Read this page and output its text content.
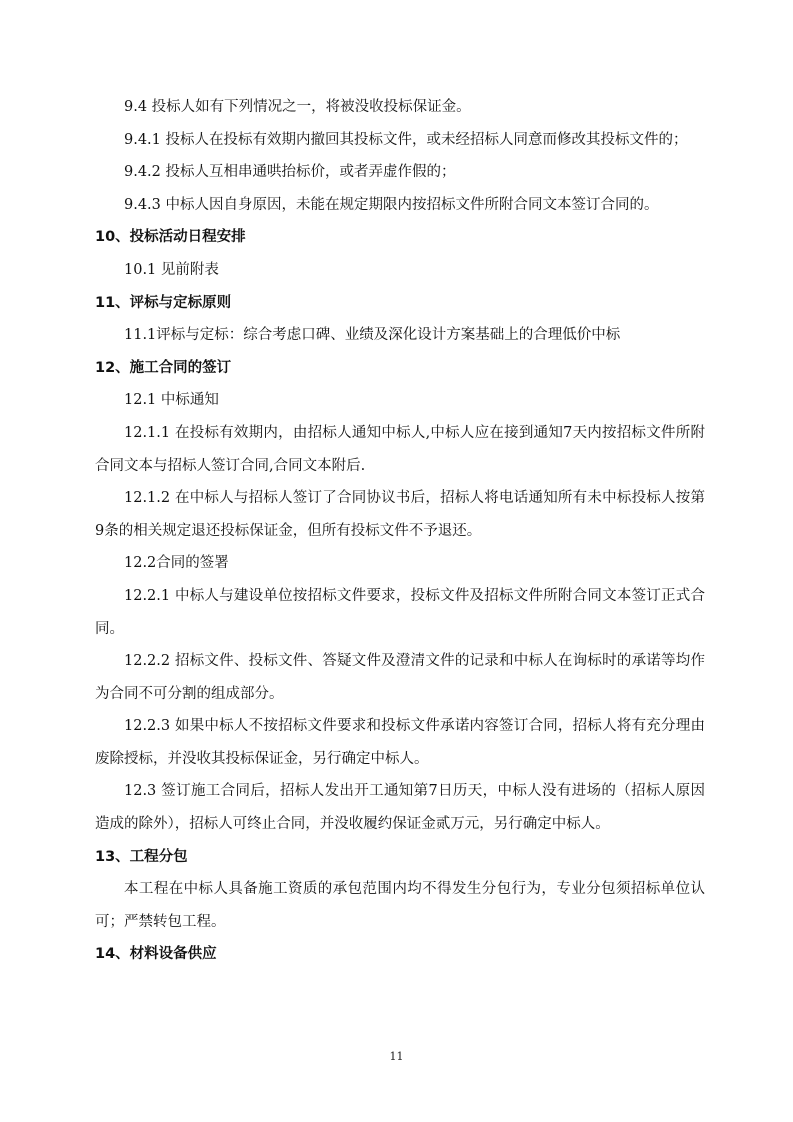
9.4 投标人如有下列情况之一，将被没收投标保证金。

9.4.1 投标人在投标有效期内撤回其投标文件，或未经招标人同意而修改其投标文件的；

9.4.2 投标人互相串通哄抬标价，或者弄虚作假的；

9.4.3 中标人因自身原因，未能在规定期限内按招标文件所附合同文本签订合同的。

10、投标活动日程安排

10.1 见前附表

11、评标与定标原则

11.1评标与定标：综合考虑口碑、业绩及深化设计方案基础上的合理低价中标

12、施工合同的签订

12.1 中标通知

12.1.1 在投标有效期内，由招标人通知中标人,中标人应在接到通知7天内按招标文件所附合同文本与招标人签订合同,合同文本附后.

12.1.2 在中标人与招标人签订了合同协议书后，招标人将电话通知所有未中标投标人按第9条的相关规定退还投标保证金，但所有投标文件不予退还。

12.2合同的签署

12.2.1 中标人与建设单位按招标文件要求，投标文件及招标文件所附合同文本签订正式合同。

12.2.2 招标文件、投标文件、答疑文件及澄清文件的记录和中标人在询标时的承诺等均作为合同不可分割的组成部分。

12.2.3 如果中标人不按招标文件要求和投标文件承诺内容签订合同，招标人将有充分理由废除授标，并没收其投标保证金，另行确定中标人。

12.3 签订施工合同后，招标人发出开工通知第7日历天，中标人没有进场的（招标人原因造成的除外），招标人可终止合同，并没收履约保证金贰万元，另行确定中标人。

13、工程分包

本工程在中标人具备施工资质的承包范围内均不得发生分包行为，专业分包须招标单位认可；严禁转包工程。

14、材料设备供应

11
